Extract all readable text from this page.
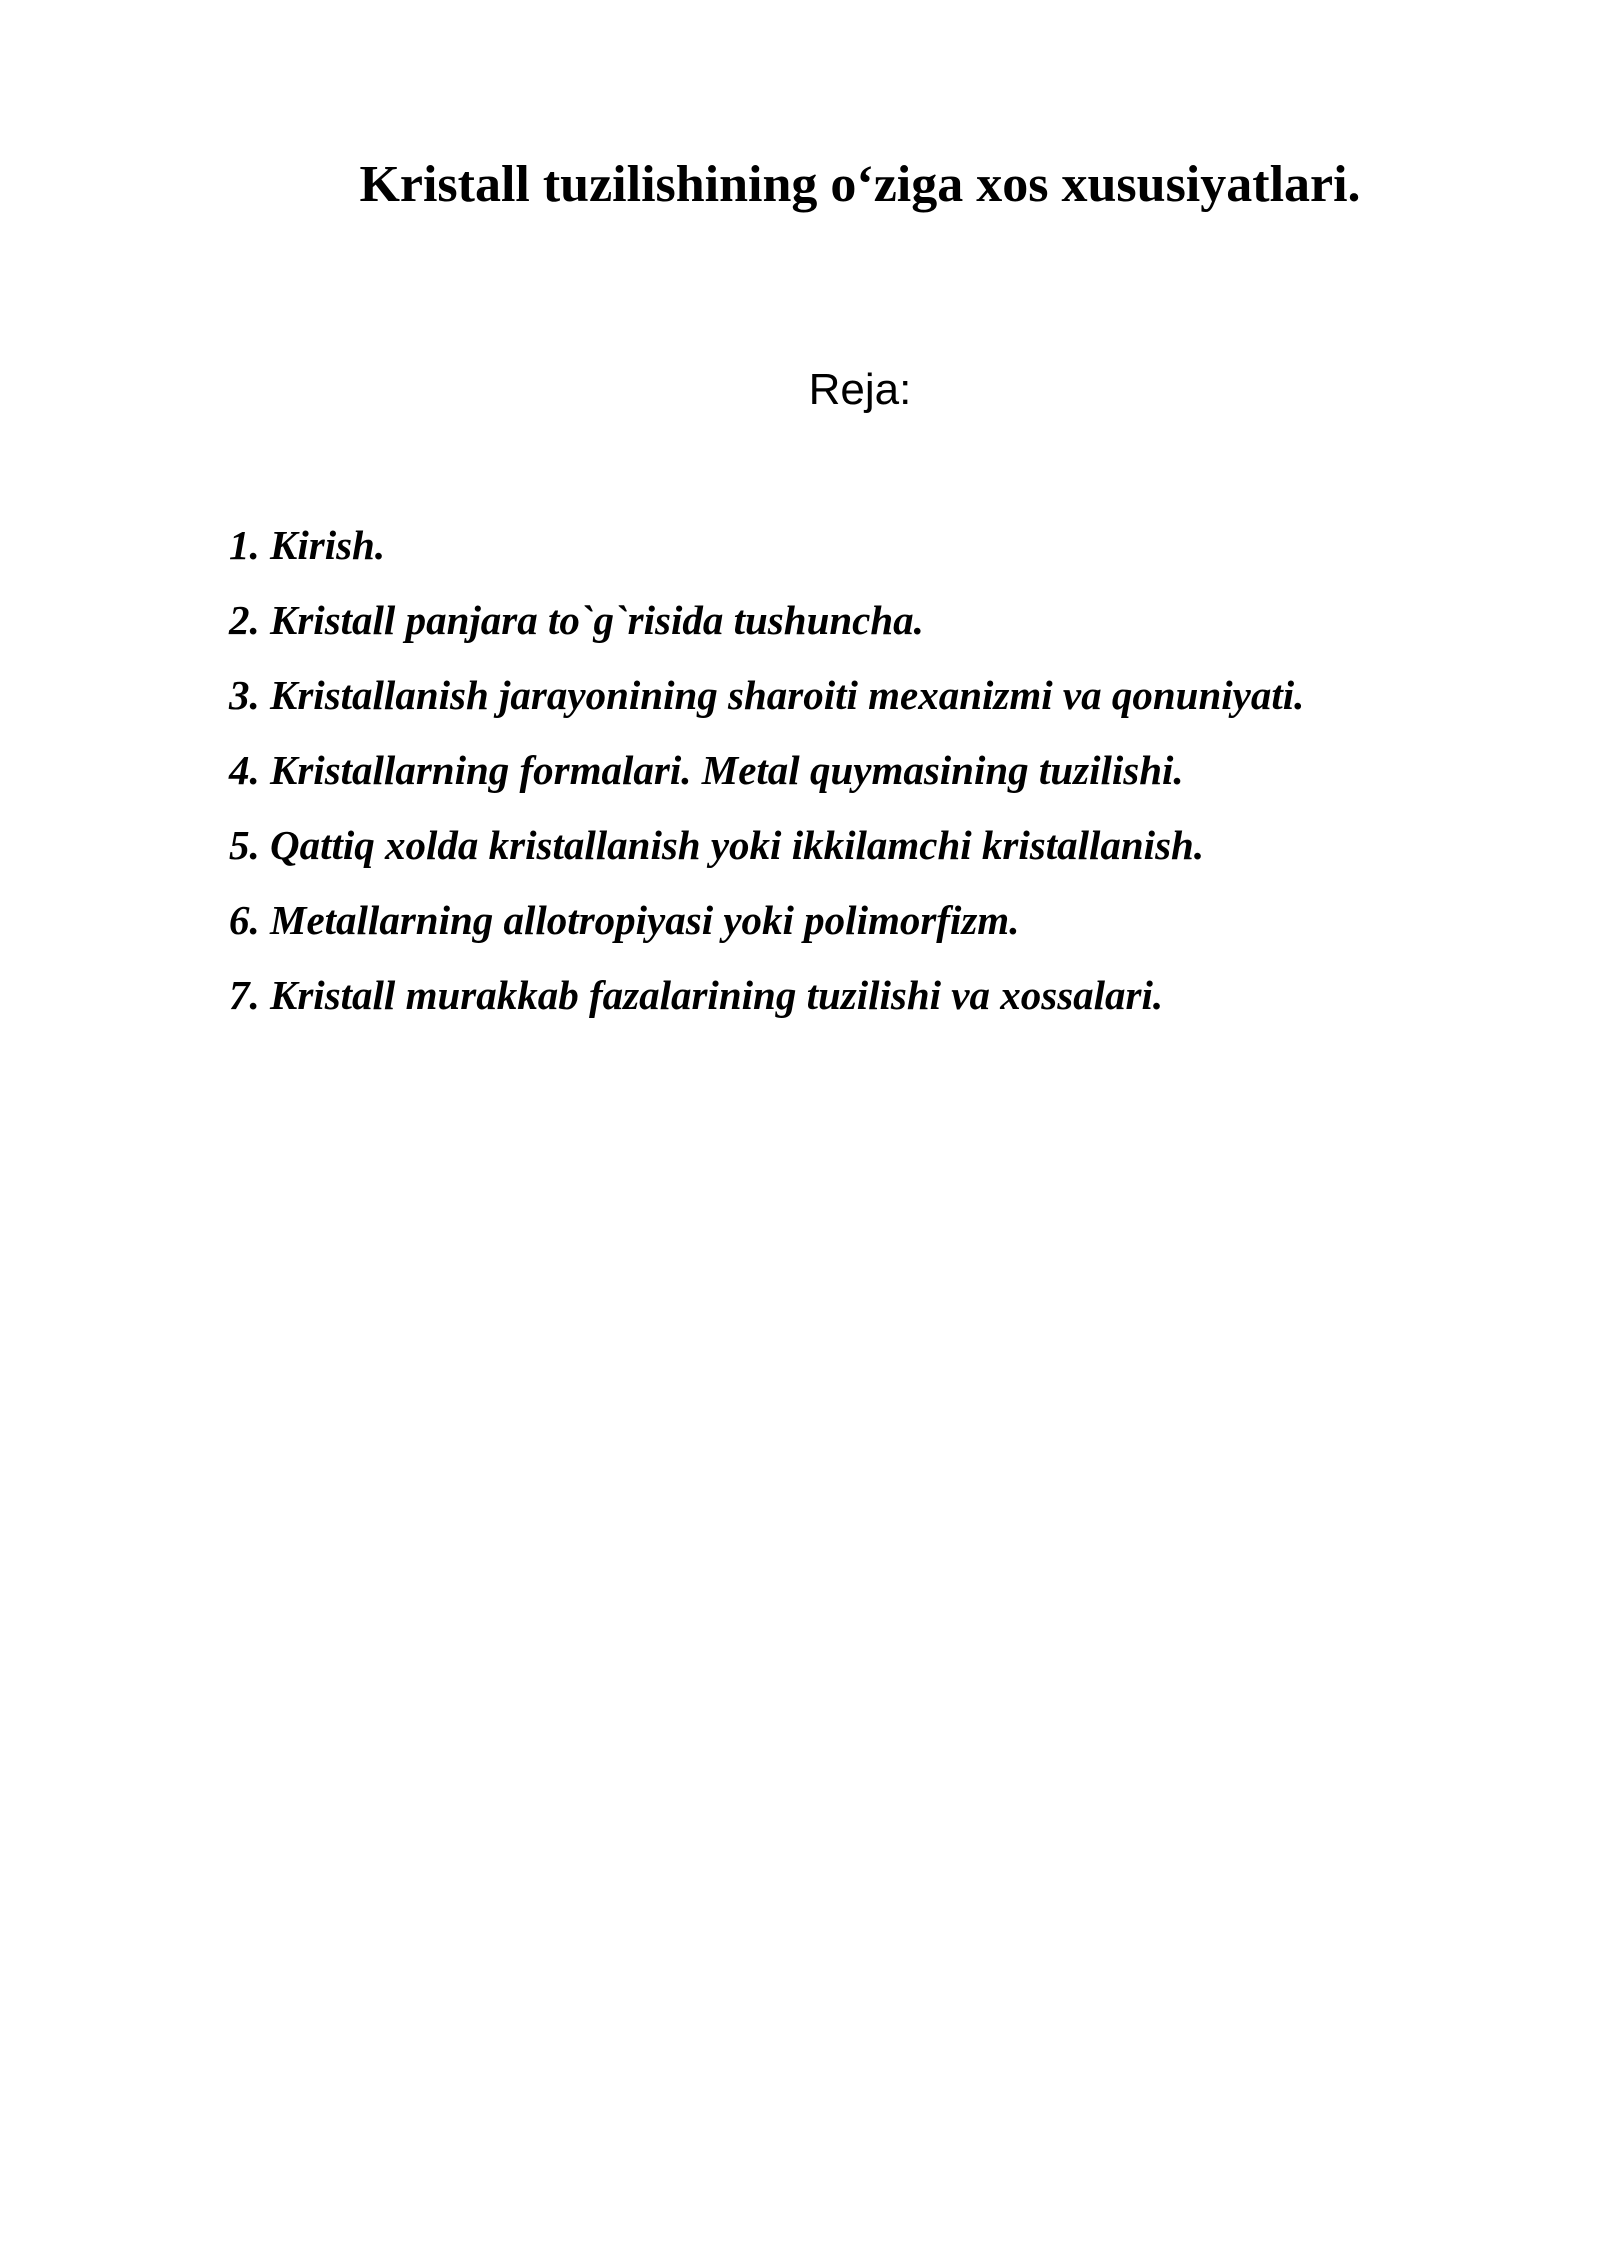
Kristall tuzilishining o‘ziga xos xususiyatlari.
Reja:
1. Kirish.
2. Kristall panjara to`g`risida tushuncha.
3. Kristallanish jarayonining sharoiti mexanizmi va qonuniyati.
4. Kristallarning formalari. Metal quymasining tuzilishi.
5. Qattiq xolda kristallanish yoki ikkilamchi kristallanish.
6. Metallarning allotropiyasi yoki polimorfizm.
7. Kristall murakkab fazalarining tuzilishi va xossalari.
